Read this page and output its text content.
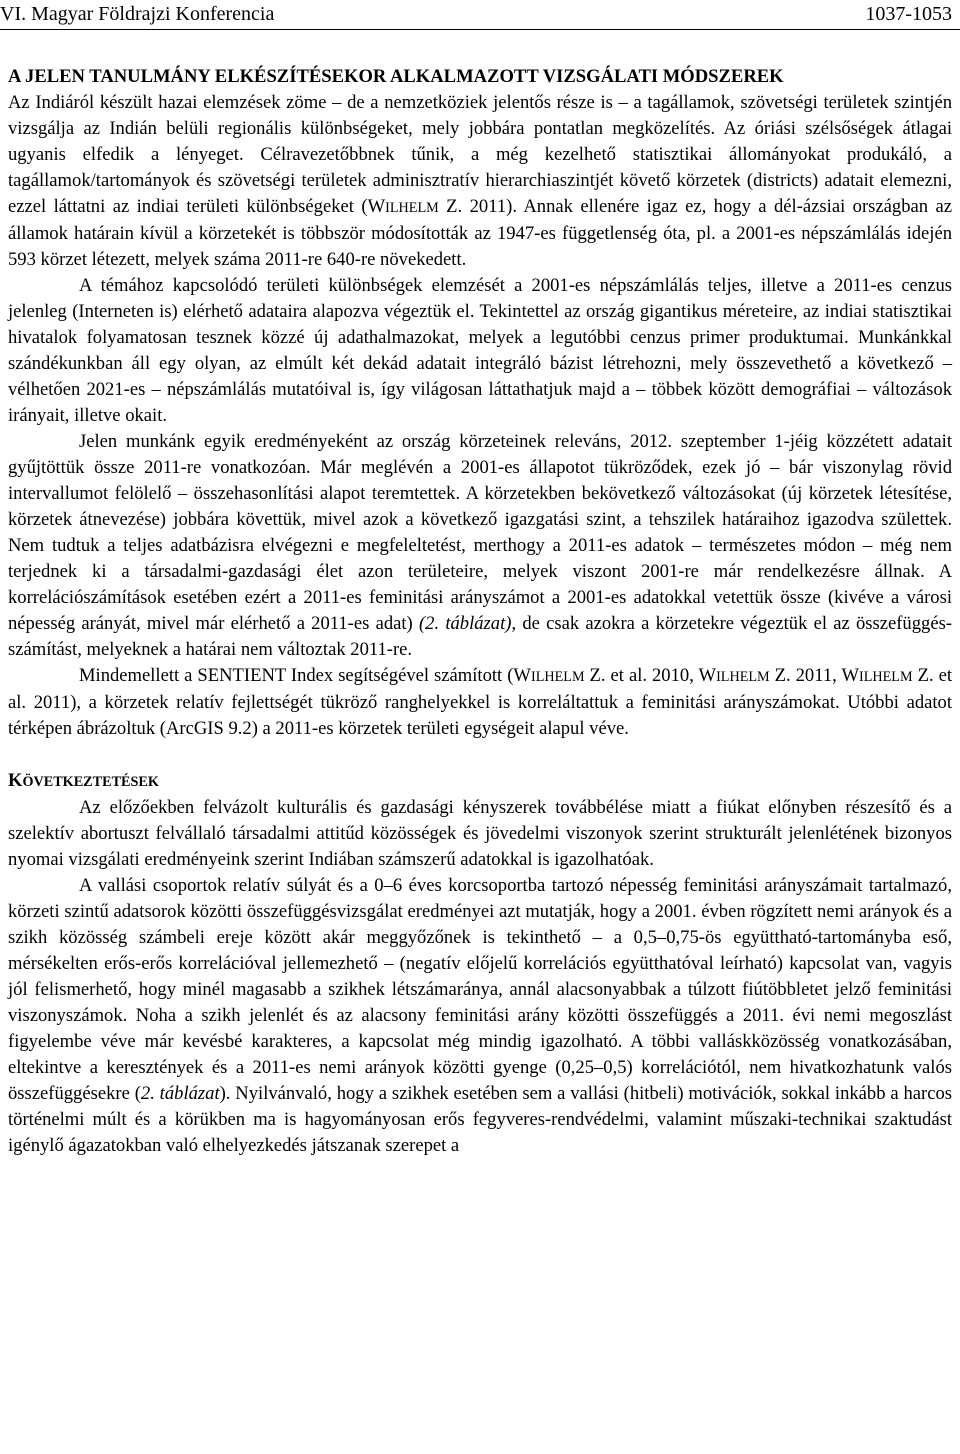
VI. Magyar Földrajzi Konferencia	1037-1053
A JELEN TANULMÁNY ELKÉSZÍTÉSEKOR ALKALMAZOTT VIZSGÁLATI MÓDSZEREK

Az Indiáról készült hazai elemzések zöme – de a nemzetköziek jelentős része is – a tagállamok, szövetségi területek szintjén vizsgálja az Indián belüli regionális különbségeket, mely jobbára pontatlan megközelítés. Az óriási szélsőségek átlagai ugyanis elfedik a lényeget. Célravezetőbbnek tűnik, a még kezelhető statisztikai állományokat produkáló, a tagállamok/tartományok és szövetségi területek adminisztratív hierarchiaszintjét követő körzetek (districts) adatait elemezni, ezzel láttatni az indiai területi különbségeket (WILHELM Z. 2011). Annak ellenére igaz ez, hogy a dél-ázsiai országban az államok határain kívül a körzetekét is többször módosították az 1947-es függetlenség óta, pl. a 2001-es népszámlálás idején 593 körzet létezett, melyek száma 2011-re 640-re növekedett.

A témához kapcsolódó területi különbségek elemzését a 2001-es népszámlálás teljes, illetve a 2011-es cenzus jelenleg (Interneten is) elérhető adataira alapozva végeztük el. Tekintettel az ország gigantikus méreteire, az indiai statisztikai hivatalok folyamatosan tesznek közzé új adathalmazokat, melyek a legutóbbi cenzus primer produktumai. Munkánkkal szándékunkban áll egy olyan, az elmúlt két dekád adatait integráló bázist létrehozni, mely összevethető a következő – vélhetően 2021-es – népszámlálás mutatóival is, így világosan láttathatjuk majd a – többek között demográfiai – változások irányait, illetve okait.

Jelen munkánk egyik eredményeként az ország körzeteinek releváns, 2012. szeptember 1-jéig közzétett adatait gyűjtöttük össze 2011-re vonatkozóan. Már meglévén a 2001-es állapotot tükröződek, ezek jó – bár viszonylag rövid intervallumot felölelő – összehasonlítási alapot teremtettek. A körzetekben bekövetkező változásokat (új körzetek létesítése, körzetek átnevezése) jobbára követtük, mivel azok a következő igazgatási szint, a tehszilek határaihoz igazodva születtek. Nem tudtuk a teljes adatbázisra elvégezni e megfeleltetést, merthogy a 2011-es adatok – természetes módon – még nem terjednek ki a társadalmi-gazdasági élet azon területeire, melyek viszont 2001-re már rendelkezésre állnak. A korrelációszámítások esetében ezért a 2011-es feminitási arányszámot a 2001-es adatokkal vetettük össze (kivéve a városi népesség arányát, mivel már elérhető a 2011-es adat) (2. táblázat), de csak azokra a körzetekre végeztük el az összefüggés-számítást, melyeknek a határai nem változtak 2011-re.

Mindemellett a SENTIENT Index segítségével számított (WILHELM Z. et al. 2010, WILHELM Z. 2011, WILHELM Z. et al. 2011), a körzetek relatív fejlettségét tükröző ranghelyekkel is korreláltattuk a feminitási arányszámokat. Utóbbi adatot térképen ábrázoltuk (ArcGIS 9.2) a 2011-es körzetek területi egységeit alapul véve.

KÖVETKEZTETÉSEK

Az előzőekben felvázolt kulturális és gazdasági kényszerek továbbélése miatt a fiúkat előnyben részesítő és a szelektív abortuszt felvállaló társadalmi attitűd közösségek és jövedelmi viszonyok szerint strukturált jelenlétének bizonyos nyomai vizsgálati eredményeink szerint Indiában számszerű adatokkal is igazolhatóak.

A vallási csoportok relatív súlyát és a 0–6 éves korcsoportba tartozó népesség feminitási arányszámait tartalmazó, körzeti szintű adatsorok közötti összefüggésvizsgálat eredményei azt mutatják, hogy a 2001. évben rögzített nemi arányok és a szikh közösség számbeli ereje között akár meggyőzőnek is tekinthető – a 0,5–0,75-ös együttható-tartományba eső, mérsékelten erős-erős korrelációval jellemezhető – (negatív előjelű korrelációs együtthatóval leírható) kapcsolat van, vagyis jól felismerhető, hogy minél magasabb a szikhek létszámaránya, annál alacsonyabbak a túlzott fiútöbbletet jelző feminitási viszonyszámok. Noha a szikh jelenlét és az alacsony feminitási arány közötti összefüggés a 2011. évi nemi megoszlást figyelembe véve már kevésbé karakteres, a kapcsolat még mindig igazolható. A többi valláskközösség vonatkozásában, eltekintve a keresztények és a 2011-es nemi arányok közötti gyenge (0,25–0,5) korrelációtól, nem hivatkozhatunk valós összefüggésekre (2. táblázat). Nyilvánvaló, hogy a szikhek esetében sem a vallási (hitbeli) motivációk, sokkal inkább a harcos történelmi múlt és a körükben ma is hagyományosan erős fegyveres-rendvédelmi, valamint műszaki-technikai szaktudást igénylő ágazatokban való elhelyezkedés játszanak szerepet a
